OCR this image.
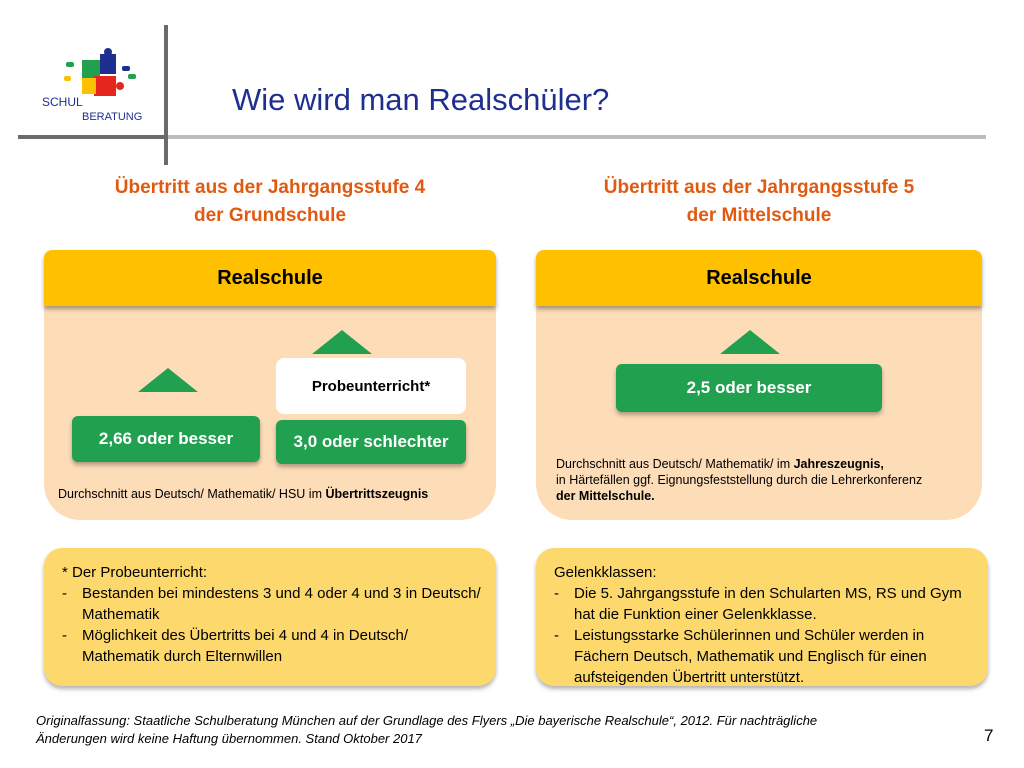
SCHUL
BERATUNG	Wie wird man Realschüler?
Übertritt aus der Jahrgangsstufe 4
der Grundschule
Übertritt aus der Jahrgangsstufe 5
der Mittelschule
Realschule
2,66 oder besser
Probeunterricht*
3,0 oder schlechter
Durchschnitt aus Deutsch/ Mathematik/ HSU im Übertrittszeugnis
Realschule
2,5 oder besser
Durchschnitt aus Deutsch/ Mathematik/ im Jahreszeugnis,
in Härtefällen ggf. Eignungsfeststellung durch die Lehrerkonferenz
der Mittelschule.
* Der Probeunterricht:
-	Bestanden bei mindestens 3 und 4 oder 4 und 3 in Deutsch/ Mathematik
-	Möglichkeit des Übertritts bei 4 und 4 in Deutsch/ Mathematik durch Elternwillen
Gelenkklassen:
-	Die 5. Jahrgangsstufe in den Schularten MS, RS und Gym hat die Funktion einer Gelenkklasse.
-	Leistungsstarke Schülerinnen und Schüler werden in Fächern Deutsch, Mathematik und Englisch für einen aufsteigenden Übertritt unterstützt.
Originalfassung: Staatliche Schulberatung München auf der Grundlage des Flyers „Die bayerische Realschule“, 2012. Für nachträgliche
Änderungen wird keine Haftung übernommen. Stand Oktober 2017	7
